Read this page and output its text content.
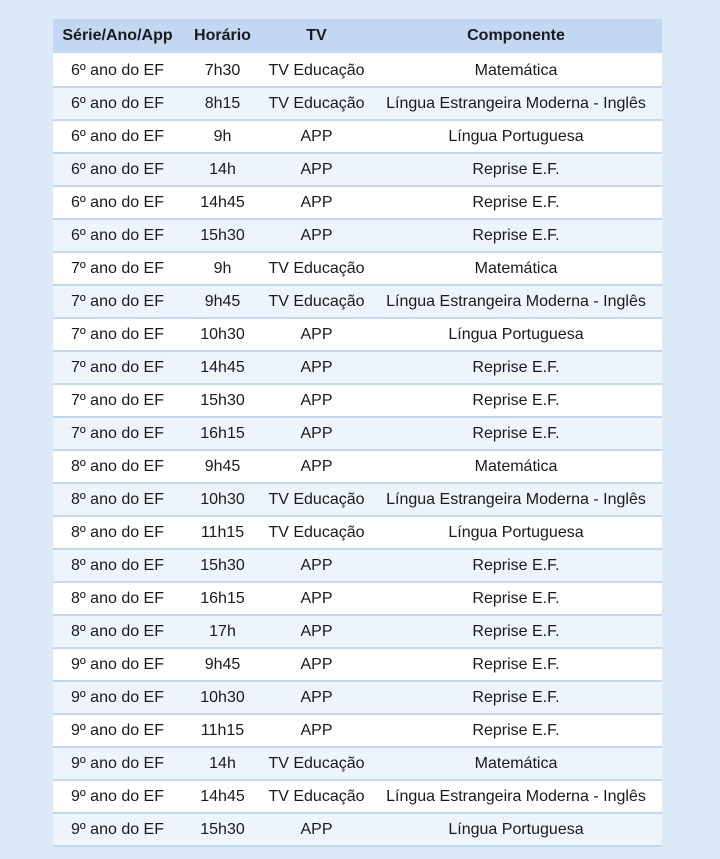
Série/Ano/App	Horário	TV	Componente
6º ano do EF	7h30	TV Educação	Matemática
6º ano do EF	8h15	TV Educação	Língua Estrangeira Moderna - Inglês
6º ano do EF	9h	APP	Língua Portuguesa
6º ano do EF	14h	APP	Reprise E.F.
6º ano do EF	14h45	APP	Reprise E.F.
6º ano do EF	15h30	APP	Reprise E.F.
7º ano do EF	9h	TV Educação	Matemática
7º ano do EF	9h45	TV Educação	Língua Estrangeira Moderna - Inglês
7º ano do EF	10h30	APP	Língua Portuguesa
7º ano do EF	14h45	APP	Reprise E.F.
7º ano do EF	15h30	APP	Reprise E.F.
7º ano do EF	16h15	APP	Reprise E.F.
8º ano do EF	9h45	APP	Matemática
8º ano do EF	10h30	TV Educação	Língua Estrangeira Moderna - Inglês
8º ano do EF	11h15	TV Educação	Língua Portuguesa
8º ano do EF	15h30	APP	Reprise E.F.
8º ano do EF	16h15	APP	Reprise E.F.
8º ano do EF	17h	APP	Reprise E.F.
9º ano do EF	9h45	APP	Reprise E.F.
9º ano do EF	10h30	APP	Reprise E.F.
9º ano do EF	11h15	APP	Reprise E.F.
9º ano do EF	14h	TV Educação	Matemática
9º ano do EF	14h45	TV Educação	Língua Estrangeira Moderna - Inglês
9º ano do EF	15h30	APP	Língua Portuguesa
